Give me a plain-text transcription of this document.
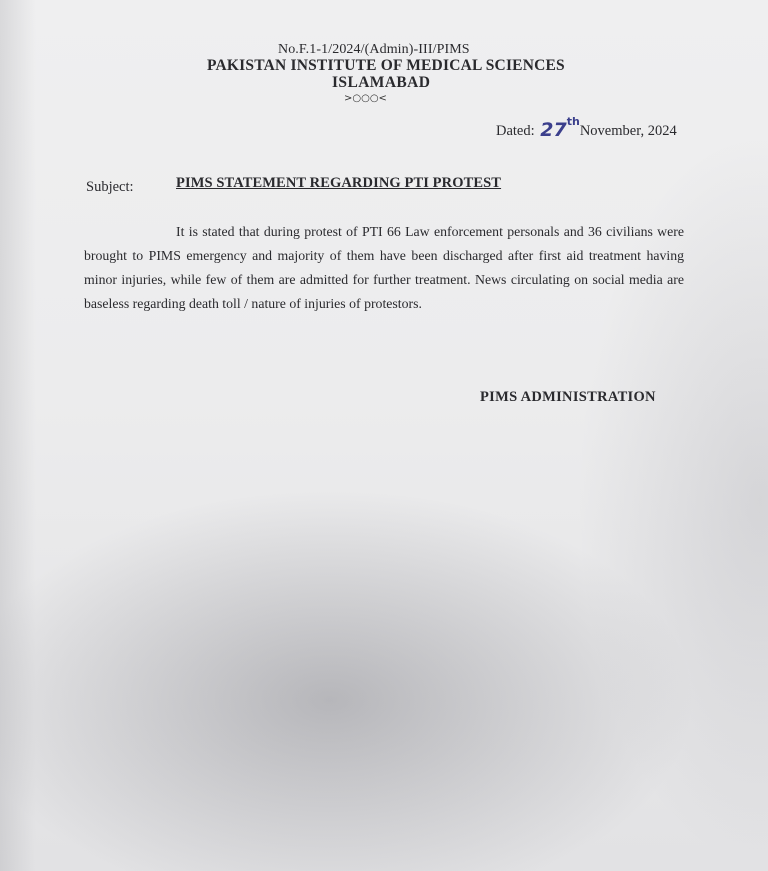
No.F.1-1/2024/(Admin)-III/PIMS
PAKISTAN INSTITUTE OF MEDICAL SCIENCES
ISLAMABAD
>○○○<
Dated: 27thNovember, 2024
Subject:	PIMS STATEMENT REGARDING PTI PROTEST
It is stated that during protest of PTI 66 Law enforcement personals and 36 civilians were brought to PIMS emergency and majority of them have been discharged after first aid treatment having minor injuries, while few of them are admitted for further treatment. News circulating on social media are baseless regarding death toll / nature of injuries of protestors.
PIMS ADMINISTRATION
